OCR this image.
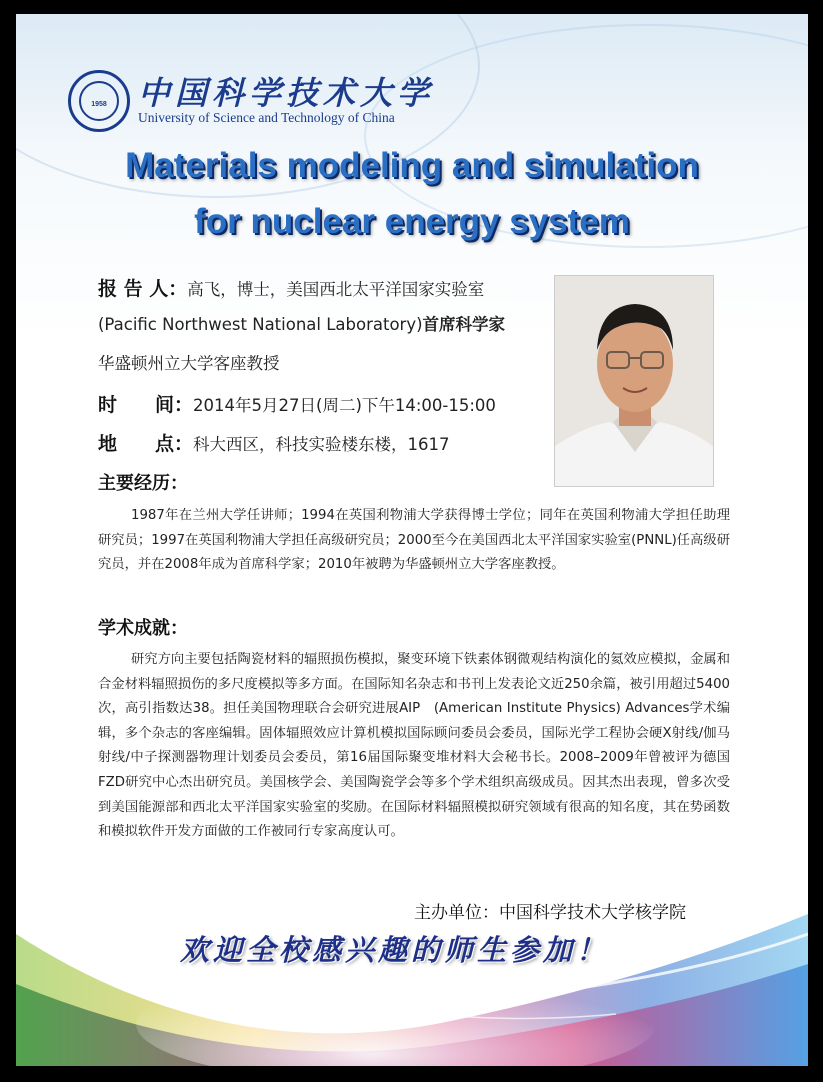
1958 中国科学技术大学
University of Science and Technology of China
Materials modeling and simulation
for nuclear energy system
报 告 人：高飞，博士，美国西北太平洋国家实验室
(Pacific Northwest National Laboratory)首席科学家
华盛顿州立大学客座教授
时　　间：2014年5月27日(周二)下午14:00-15:00
地　　点：科大西区，科技实验楼东楼，1617
主要经历：
1987年在兰州大学任讲师；1994在英国利物浦大学获得博士学位；同年在英国利物浦大学担任助理研究员；1997在英国利物浦大学担任高级研究员；2000至今在美国西北太平洋国家实验室(PNNL)任高级研究员，并在2008年成为首席科学家；2010年被聘为华盛顿州立大学客座教授。
学术成就：
研究方向主要包括陶瓷材料的辐照损伤模拟，聚变环境下铁素体钢微观结构演化的氦效应模拟，金属和合金材料辐照损伤的多尺度模拟等多方面。在国际知名杂志和书刊上发表论文近250余篇，被引用超过5400次，高引指数达38。担任美国物理联合会研究进展AIP　(American Institute Physics) Advances学术编辑，多个杂志的客座编辑。固体辐照效应计算机模拟国际顾问委员会委员，国际光学工程协会硬X射线/伽马射线/中子探测器物理计划委员会委员，第16届国际聚变堆材料大会秘书长。2008–2009年曾被评为德国FZD研究中心杰出研究员。美国核学会、美国陶瓷学会等多个学术组织高级成员。因其杰出表现，曾多次受到美国能源部和西北太平洋国家实验室的奖励。在国际材料辐照模拟研究领域有很高的知名度，其在势函数和模拟软件开发方面做的工作被同行专家高度认可。
主办单位：中国科学技术大学核学院
欢迎全校感兴趣的师生参加！
